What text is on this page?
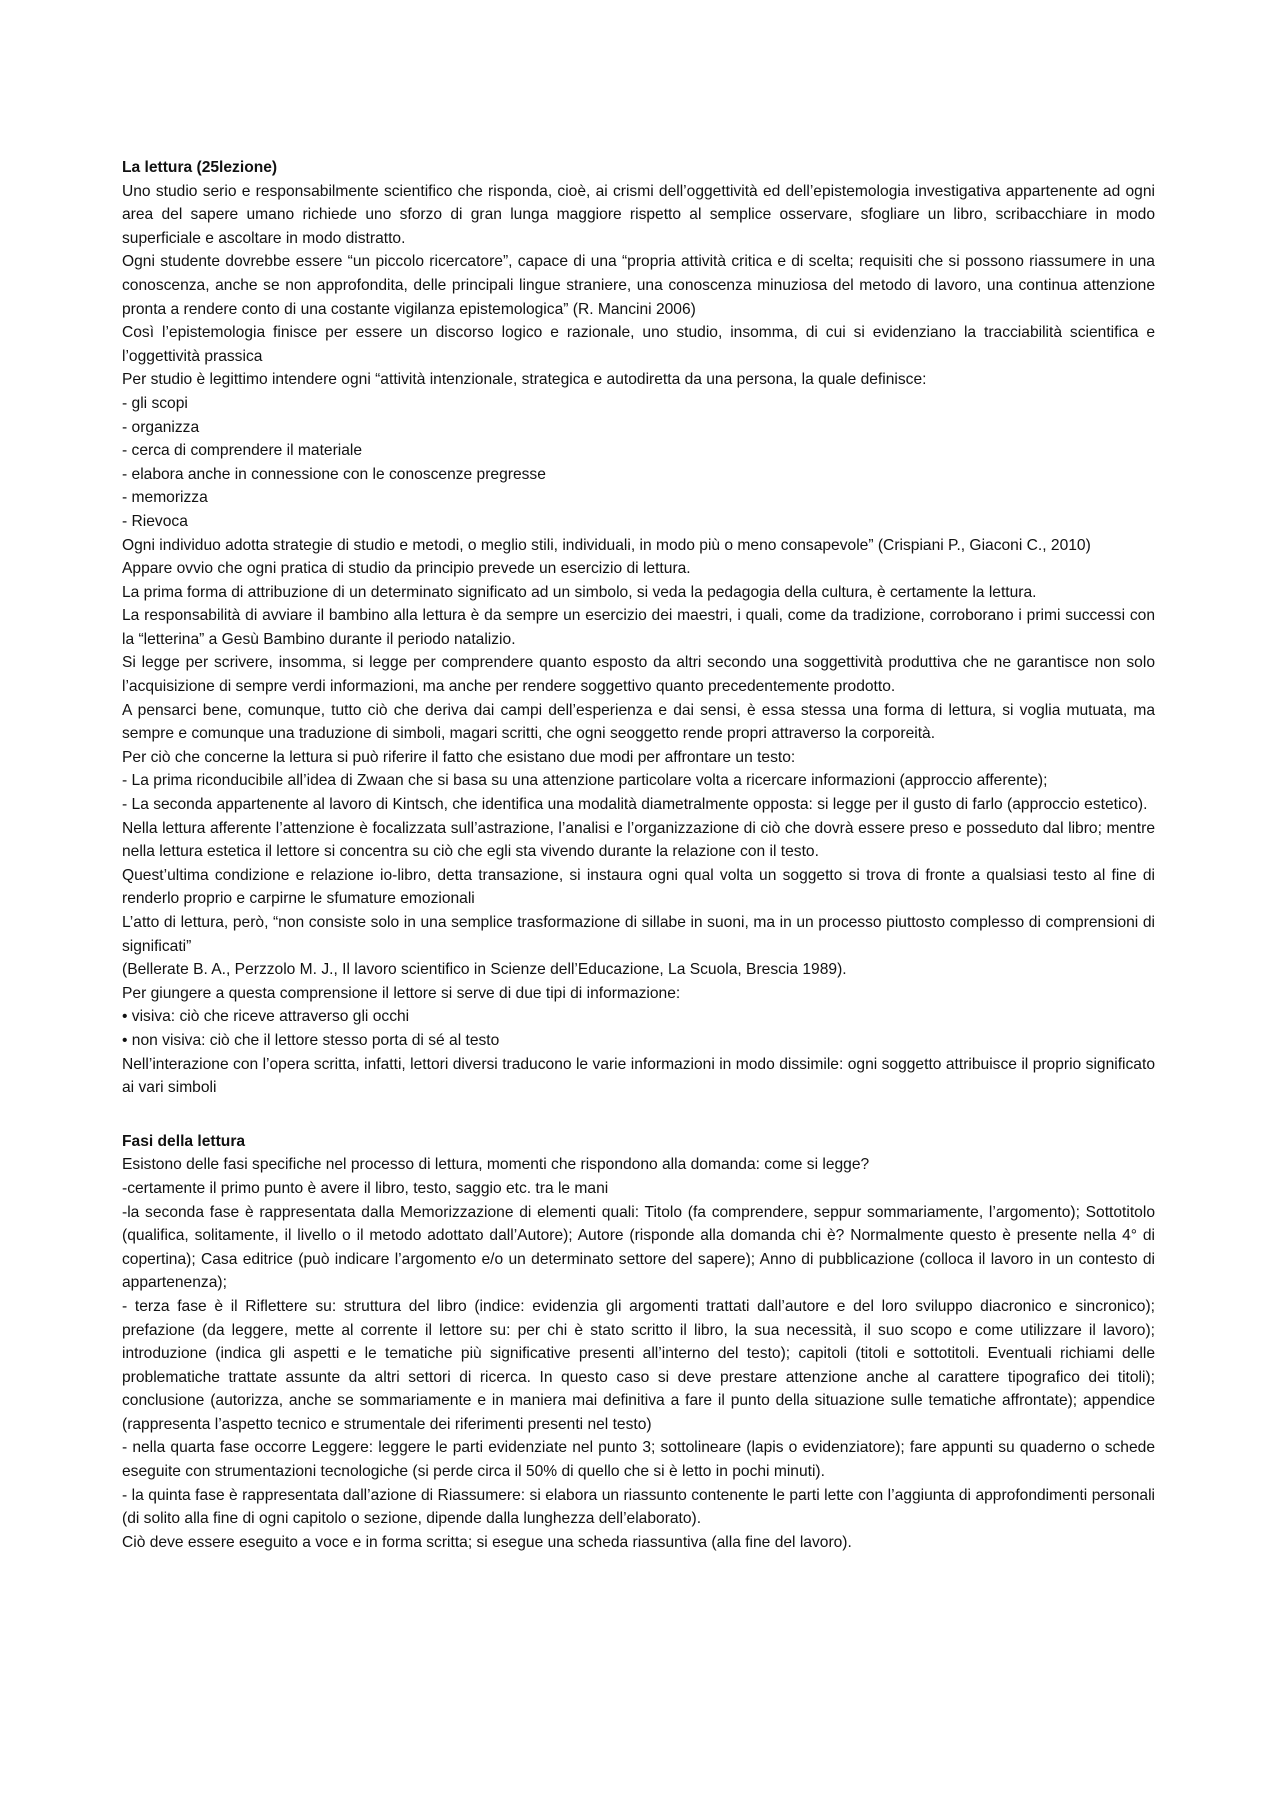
La lettura (25lezione)

Uno studio serio e responsabilmente scientifico che risponda, cioè, ai crismi dell’oggettività ed dell’epistemologia investigativa appartenente ad ogni area del sapere umano richiede uno sforzo di gran lunga maggiore rispetto al semplice osservare, sfogliare un libro, scribacchiare in modo superficiale e ascoltare in modo distratto.

Ogni studente dovrebbe essere “un piccolo ricercatore”, capace di una “propria attività critica e di scelta; requisiti che si possono riassumere in una conoscenza, anche se non approfondita, delle principali lingue straniere, una conoscenza minuziosa del metodo di lavoro, una continua attenzione pronta a rendere conto di una costante vigilanza epistemologica” (R. Mancini 2006)

Così l’epistemologia finisce per essere un discorso logico e razionale, uno studio, insomma, di cui si evidenziano la tracciabilità scientifica e l’oggettività prassica

Per studio è legittimo intendere ogni “attività intenzionale, strategica e autodiretta da una persona, la quale definisce:

- gli scopi

- organizza

- cerca di comprendere il materiale

- elabora anche in connessione con le conoscenze pregresse

- memorizza

- Rievoca

Ogni individuo adotta strategie di studio e metodi, o meglio stili, individuali, in modo più o meno consapevole” (Crispiani P., Giaconi C., 2010)

Appare ovvio che ogni pratica di studio da principio prevede un esercizio di lettura.

La prima forma di attribuzione di un determinato significato ad un simbolo, si veda la pedagogia della cultura, è certamente la lettura.

La responsabilità di avviare il bambino alla lettura è da sempre un esercizio dei maestri, i quali, come da tradizione, corroborano i primi successi con la “letterina” a Gesù Bambino durante il periodo natalizio.

Si legge per scrivere, insomma, si legge per comprendere quanto esposto da altri secondo una soggettività produttiva che ne garantisce non solo l’acquisizione di sempre verdi informazioni, ma anche per rendere soggettivo quanto precedentemente prodotto.

A pensarci bene, comunque, tutto ciò che deriva dai campi dell’esperienza e dai sensi, è essa stessa una forma di lettura, si voglia mutuata, ma sempre e comunque una traduzione di simboli, magari scritti, che ogni seoggetto rende propri attraverso la corporeità.

Per ciò che concerne la lettura si può riferire il fatto che esistano due modi per affrontare un testo:

- La prima riconducibile all’idea di Zwaan che si basa su una attenzione particolare volta a ricercare informazioni (approccio afferente);

- La seconda appartenente al lavoro di Kintsch, che identifica una modalità diametralmente opposta: si legge per il gusto di farlo (approccio estetico).

Nella lettura afferente l’attenzione è focalizzata sull’astrazione, l’analisi e l’organizzazione di ciò che dovrà essere preso e posseduto dal libro; mentre nella lettura estetica il lettore si concentra su ciò che egli sta vivendo durante la relazione con il testo.

Quest’ultima condizione e relazione io-libro, detta transazione, si instaura ogni qual volta un soggetto si trova di fronte a qualsiasi testo al fine di renderlo proprio e carpirne le sfumature emozionali

L’atto di lettura, però, “non consiste solo in una semplice trasformazione di sillabe in suoni, ma in un processo piuttosto complesso di comprensioni di significati”

(Bellerate B. A., Perzzolo M. J., Il lavoro scientifico in Scienze dell’Educazione, La Scuola, Brescia 1989).

Per giungere a questa comprensione il lettore si serve di due tipi di informazione:

• visiva: ciò che riceve attraverso gli occhi

• non visiva: ciò che il lettore stesso porta di sé al testo

Nell’interazione con l’opera scritta, infatti, lettori diversi traducono le varie informazioni in modo dissimile: ogni soggetto attribuisce il proprio significato ai vari simboli

Fasi della lettura

Esistono delle fasi specifiche nel processo di lettura, momenti che rispondono alla domanda: come si legge?

-certamente il primo punto è avere il libro, testo, saggio etc. tra le mani

-la seconda fase è rappresentata dalla Memorizzazione di elementi quali: Titolo (fa comprendere, seppur sommariamente, l’argomento); Sottotitolo (qualifica, solitamente, il livello o il metodo adottato dall’Autore); Autore (risponde alla domanda chi è? Normalmente questo è presente nella 4° di copertina); Casa editrice (può indicare l’argomento e/o un determinato settore del sapere); Anno di pubblicazione (colloca il lavoro in un contesto di appartenenza);

- terza fase è il Riflettere su: struttura del libro (indice: evidenzia gli argomenti trattati dall’autore e del loro sviluppo diacronico e sincronico); prefazione (da leggere, mette al corrente il lettore su: per chi è stato scritto il libro, la sua necessità, il suo scopo e come utilizzare il lavoro); introduzione (indica gli aspetti e le tematiche più significative presenti all’interno del testo); capitoli (titoli e sottotitoli. Eventuali richiami delle problematiche trattate assunte da altri settori di ricerca. In questo caso si deve prestare attenzione anche al carattere tipografico dei titoli); conclusione (autorizza, anche se sommariamente e in maniera mai definitiva a fare il punto della situazione sulle tematiche affrontate); appendice (rappresenta l’aspetto tecnico e strumentale dei riferimenti presenti nel testo)

- nella quarta fase occorre Leggere: leggere le parti evidenziate nel punto 3; sottolineare (lapis o evidenziatore); fare appunti su quaderno o schede eseguite con strumentazioni tecnologiche (si perde circa il 50% di quello che si è letto in pochi minuti).

- la quinta fase è rappresentata dall’azione di Riassumere: si elabora un riassunto contenente le parti lette con l’aggiunta di approfondimenti personali (di solito alla fine di ogni capitolo o sezione, dipende dalla lunghezza dell’elaborato).

Ciò deve essere eseguito a voce e in forma scritta; si esegue una scheda riassuntiva (alla fine del lavoro).
